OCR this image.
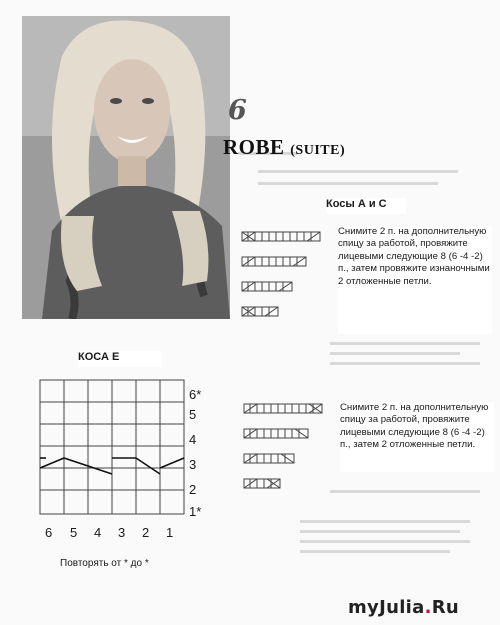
6
ROBE (SUITE)
Косы А и С
Снимите 2 п. на дополнительную спицу за работой, провяжите лицевыми следующие 8 (6 -4 -2) п., затем провяжите изнаночными 2 отложенные петли.
КОСА Е
6*
5
4
3
2
1*
6 5 4 3 2 1
Повторять от * до *
Снимите 2 п. на дополнительную спицу за работой, провяжите лицевыми следующие 8 (6 -4 -2) п., затем 2 отложенные петли.
myJulia.Ru
